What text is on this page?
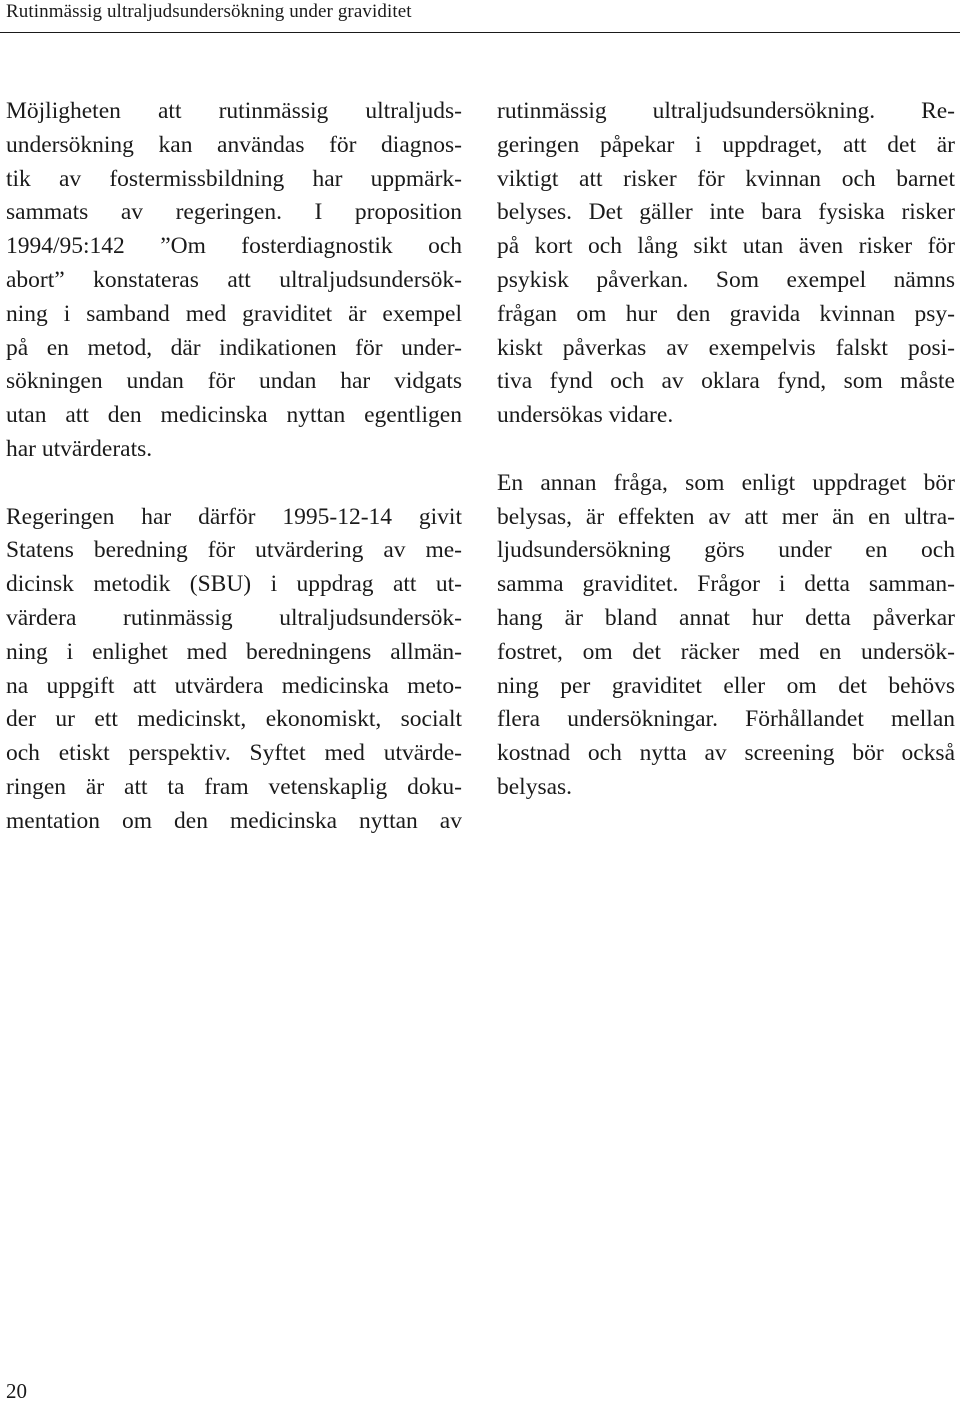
Rutinmässig ultraljudsundersökning under graviditet
Möjligheten att rutinmässig ultraljuds-
undersökning kan användas för diagnos-
tik av fostermissbildning har uppmärk-
sammats av regeringen. I proposition
1994/95:142 ”Om fosterdiagnostik och
abort” konstateras att ultraljudsundersök-
ning i samband med graviditet är exempel
på en metod, där indikationen för under-
sökningen undan för undan har vidgats
utan att den medicinska nyttan egentligen
har utvärderats.
Regeringen har därför 1995-12-14 givit
Statens beredning för utvärdering av me-
dicinsk metodik (SBU) i uppdrag att ut-
värdera rutinmässig ultraljudsundersök-
ning i enlighet med beredningens allmän-
na uppgift att utvärdera medicinska meto-
der ur ett medicinskt, ekonomiskt, socialt
och etiskt perspektiv. Syftet med utvärde-
ringen är att ta fram vetenskaplig doku-
mentation om den medicinska nyttan av
rutinmässig ultraljudsundersökning. Re-
geringen påpekar i uppdraget, att det är
viktigt att risker för kvinnan och barnet
belyses. Det gäller inte bara fysiska risker
på kort och lång sikt utan även risker för
psykisk påverkan. Som exempel nämns
frågan om hur den gravida kvinnan psy-
kiskt påverkas av exempelvis falskt posi-
tiva fynd och av oklara fynd, som måste
undersökas vidare.
En annan fråga, som enligt uppdraget bör
belysas, är effekten av att mer än en ultra-
ljudsundersökning görs under en och
samma graviditet. Frågor i detta samman-
hang är bland annat hur detta påverkar
fostret, om det räcker med en undersök-
ning per graviditet eller om det behövs
flera undersökningar. Förhållandet mellan
kostnad och nytta av screening bör också
belysas.
20
